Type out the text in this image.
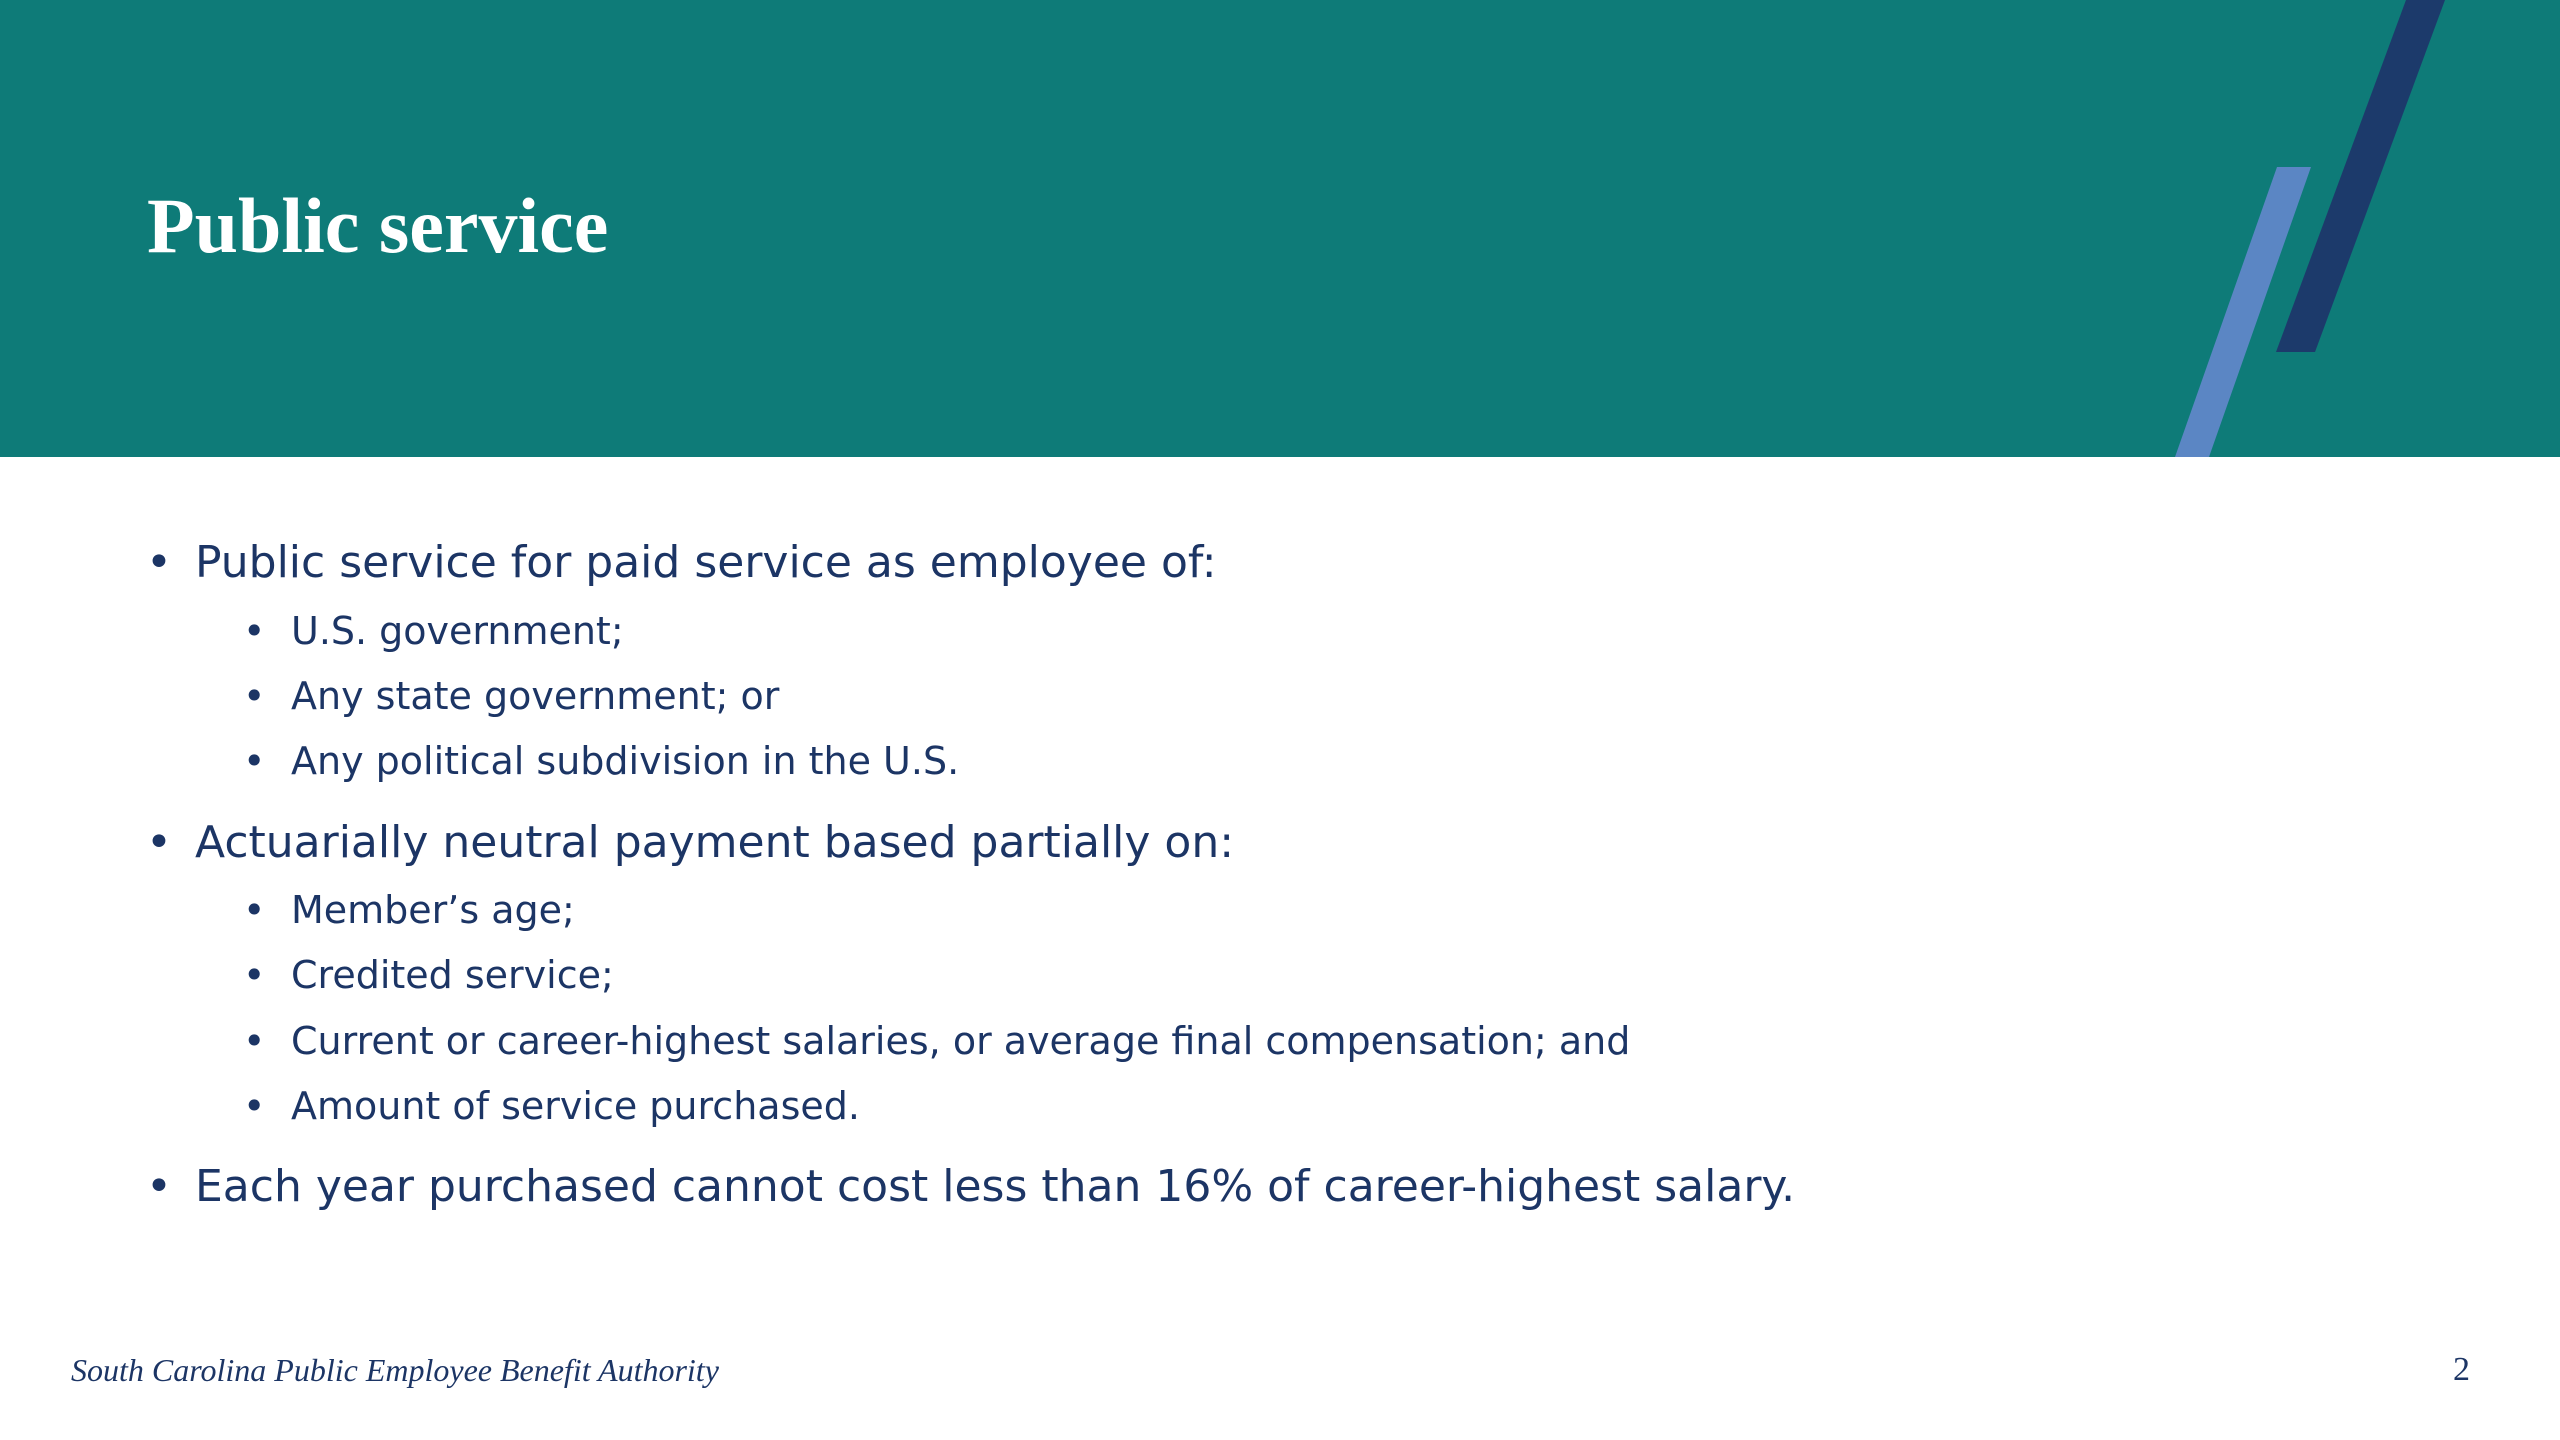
Public service
• Public service for paid service as employee of:
• U.S. government;
• Any state government; or
• Any political subdivision in the U.S.
• Actuarially neutral payment based partially on:
• Member’s age;
• Credited service;
• Current or career-highest salaries, or average final compensation; and
• Amount of service purchased.
• Each year purchased cannot cost less than 16% of career-highest salary.
South Carolina Public Employee Benefit Authority	2
